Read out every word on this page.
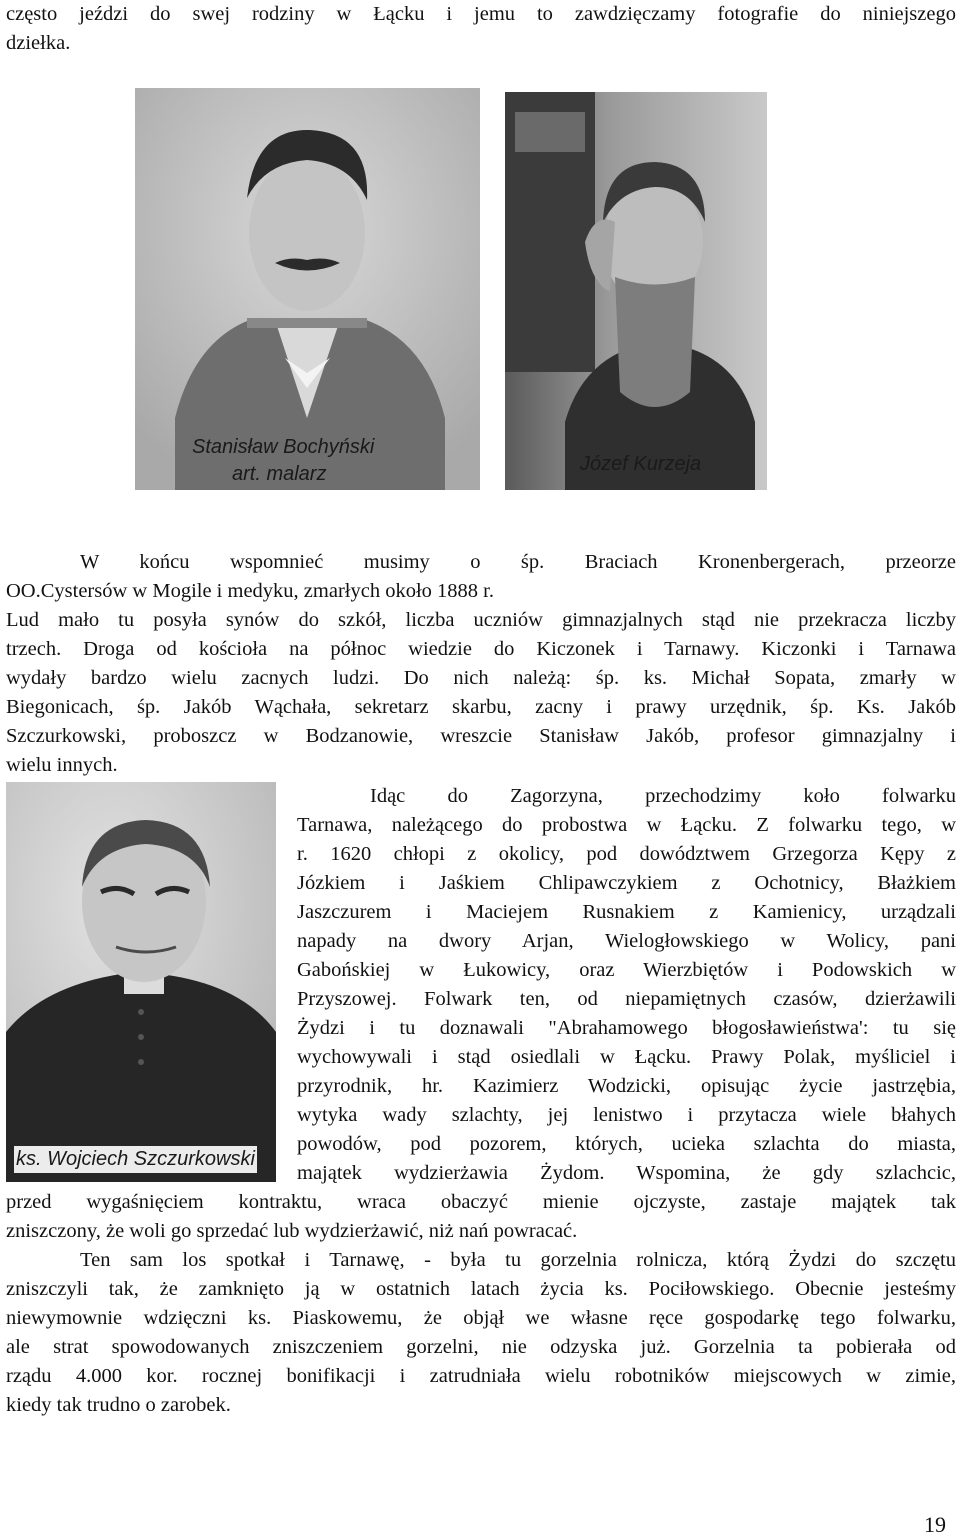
często jeździ do swej rodziny w Łącku i jemu to zawdzięczamy fotografie do niniejszego
dziełka.
Stanisław Bochyński
art. malarz	Józef Kurzeja
W końcu wspomnieć musimy o śp. Braciach Kronenbergerach, przeorze
OO.Cystersów w Mogile i medyku, zmarłych około 1888 r.
Lud mało tu posyła synów do szkół, liczba uczniów gimnazjalnych stąd nie przekracza liczby
trzech. Droga od kościoła na północ wiedzie do Kiczonek i Tarnawy. Kiczonki i Tarnawa
wydały bardzo wielu zacnych ludzi. Do nich należą: śp. ks. Michał Sopata, zmarły w
Biegonicach, śp. Jakób Wąchała, sekretarz skarbu, zacny i prawy urzędnik, śp. Ks. Jakób
Szczurkowski, proboszcz w Bodzanowie, wreszcie Stanisław Jakób, profesor gimnazjalny i
wielu innych.
ks. Wojciech Szczurkowski
Idąc do Zagorzyna, przechodzimy koło folwarku
Tarnawa, należącego do probostwa w Łącku. Z folwarku tego, w
r. 1620 chłopi z okolicy, pod dowództwem Grzegorza Kępy z
Józkiem i Jaśkiem Chlipawczykiem z Ochotnicy, Błażkiem
Jaszczurem i Maciejem Rusnakiem z Kamienicy, urządzali
napady na dwory Arjan, Wielogłowskiego w Wolicy, pani
Gabońskiej w Łukowicy, oraz Wierzbiętów i Podowskich w
Przyszowej. Folwark ten, od niepamiętnych czasów, dzierżawili
Żydzi i tu doznawali "Abrahamowego błogosławieństwa': tu się
wychowywali i stąd osiedlali w Łącku. Prawy Polak, myśliciel i
przyrodnik, hr. Kazimierz Wodzicki, opisując życie jastrzębia,
wytyka wady szlachty, jej lenistwo i przytacza wiele błahych
powodów, pod pozorem, których, ucieka szlachta do miasta,
majątek wydzierżawia Żydom. Wspomina, że gdy szlachcic,
przed wygaśnięciem kontraktu, wraca obaczyć mienie ojczyste, zastaje majątek tak
zniszczony, że woli go sprzedać lub wydzierżawić, niż nań powracać.
Ten sam los spotkał i Tarnawę, - była tu gorzelnia rolnicza, którą Żydzi do szczętu
zniszczyli tak, że zamknięto ją w ostatnich latach życia ks. Pociłowskiego. Obecnie jesteśmy
niewymownie wdzięczni ks. Piaskowemu, że objął we własne ręce gospodarkę tego folwarku,
ale strat spowodowanych zniszczeniem gorzelni, nie odzyska już. Gorzelnia ta pobierała od
rządu 4.000 kor. rocznej bonifikacji i zatrudniała wielu robotników miejscowych w zimie,
kiedy tak trudno o zarobek.
19
